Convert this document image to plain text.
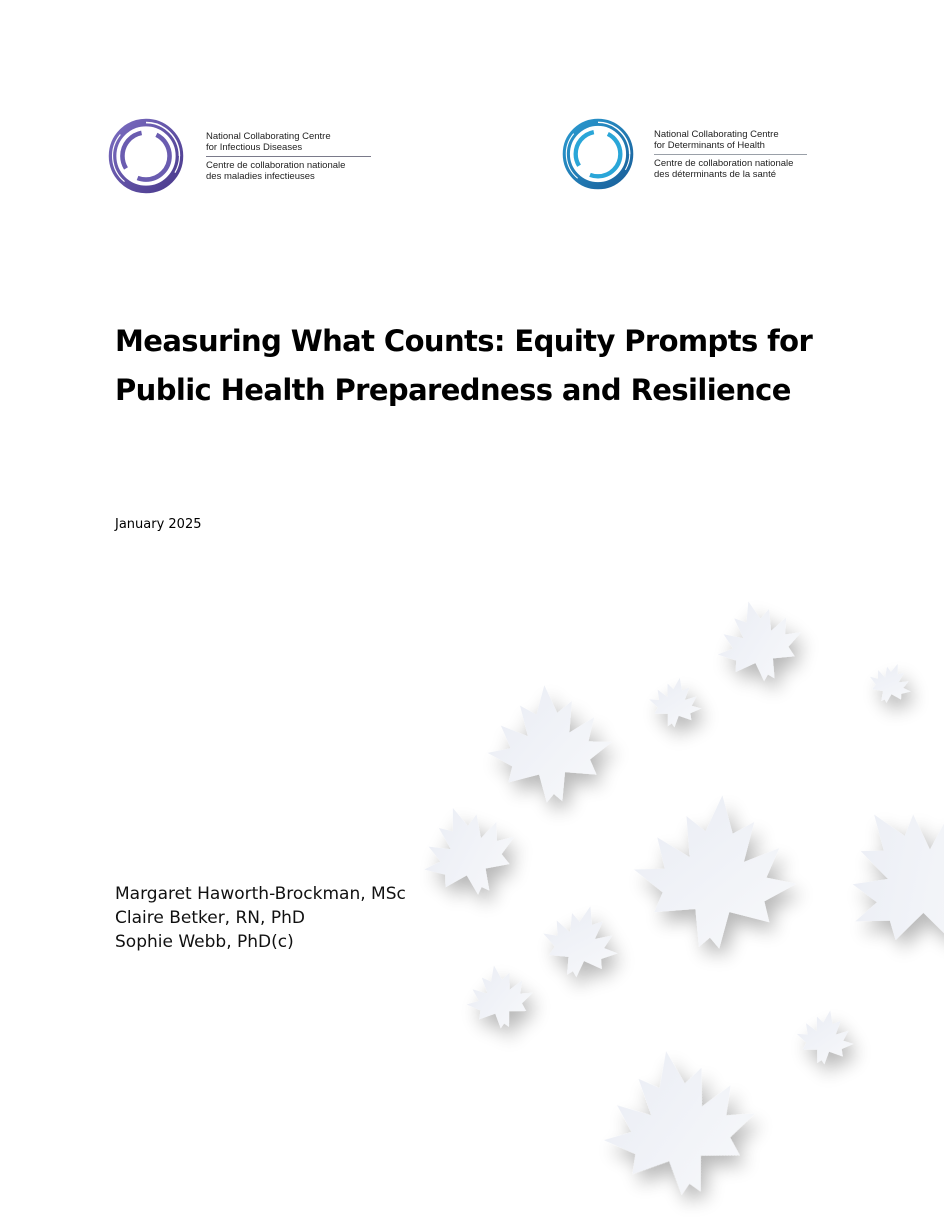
National Collaborating Centre
for Infectious Diseases
Centre de collaboration nationale
des maladies infectieuses
National Collaborating Centre
for Determinants of Health
Centre de collaboration nationale
des déterminants de la santé
Measuring What Counts: Equity Prompts for
Public Health Preparedness and Resilience
January 2025
Margaret Haworth-Brockman, MSc
Claire Betker, RN, PhD
Sophie Webb, PhD(c)
